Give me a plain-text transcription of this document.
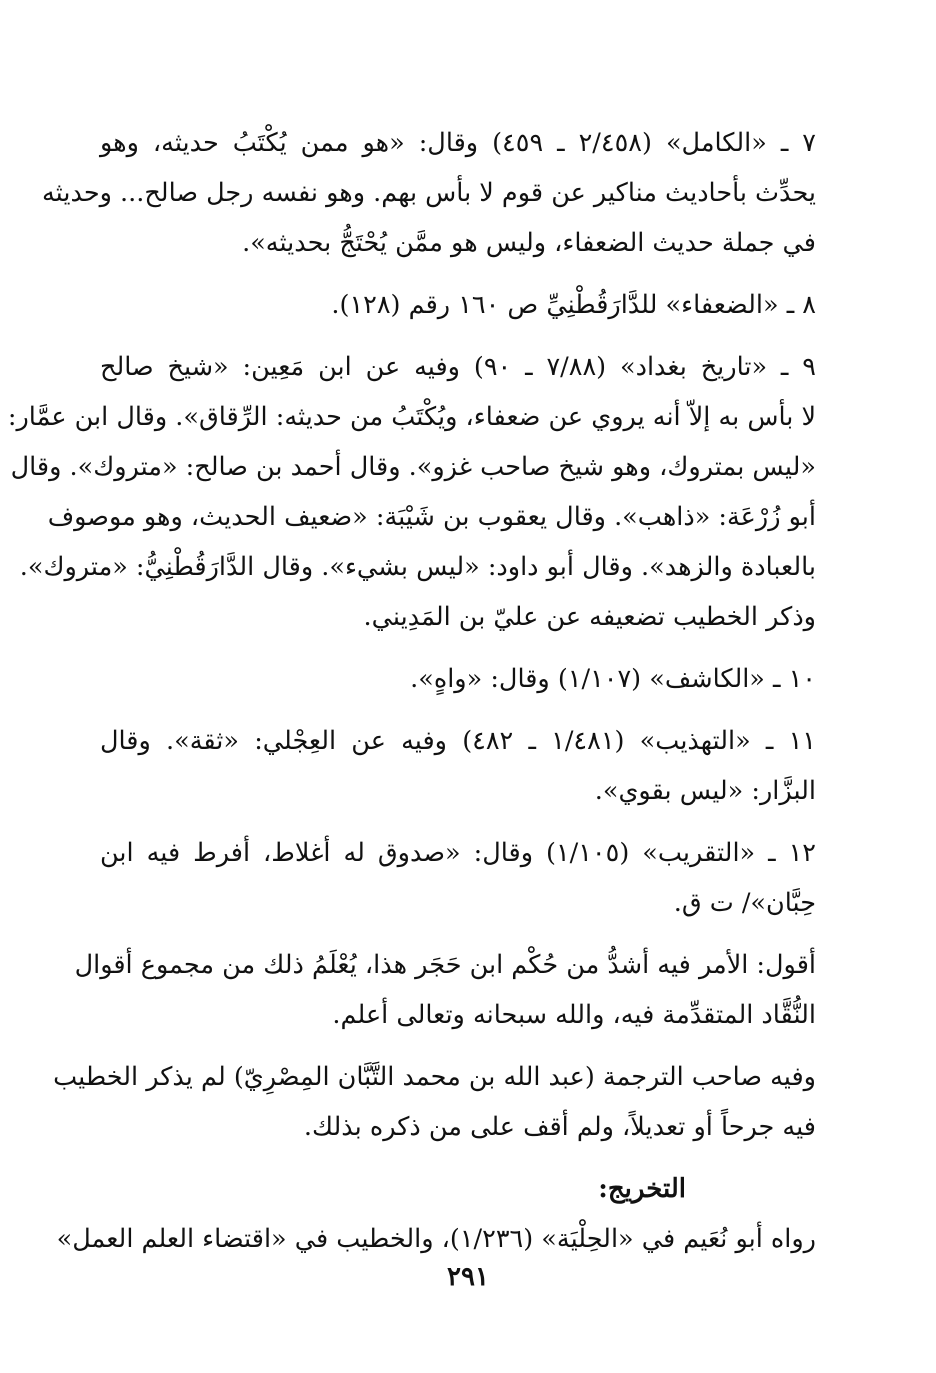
٧ ـ «الكامل» (٢/٤٥٨ ـ ٤٥٩) وقال: «هو ممن يُكْتَبُ حديثه، وهو
يحدِّث بأحاديث مناكير عن قوم لا بأس بهم. وهو نفسه رجل صالح... وحديثه
في جملة حديث الضعفاء، وليس هو ممَّن يُحْتَجُّ بحديثه».
٨ ـ «الضعفاء» للدَّارَقُطْنِيِّ ص ١٦٠ رقم (١٢٨).
٩ ـ «تاريخ بغداد» (٧/٨٨ ـ ٩٠) وفيه عن ابن مَعِين: «شيخ صالح
لا بأس به إلاّ أنه يروي عن ضعفاء، ويُكْتَبُ من حديثه: الرِّقاق». وقال ابن عمَّار:
«ليس بمتروك، وهو شيخ صاحب غزو». وقال أحمد بن صالح: «متروك». وقال
أبو زُرْعَة: «ذاهب». وقال يعقوب بن شَيْبَة: «ضعيف الحديث، وهو موصوف
بالعبادة والزهد». وقال أبو داود: «ليس بشيء». وقال الدَّارَقُطْنِيُّ: «متروك».
وذكر الخطيب تضعيفه عن عليّ بن المَدِيني.
١٠ ـ «الكاشف» (١/١٠٧) وقال: «واهٍ».
١١ ـ «التهذيب» (١/٤٨١ ـ ٤٨٢) وفيه عن العِجْلي: «ثقة». وقال
البزَّار: «ليس بقوي».
١٢ ـ «التقريب» (١/١٠٥) وقال: «صدوق له أغلاط، أفرط فيه ابن
حِبَّان»/ ت ق.
أقول: الأمر فيه أشدُّ من حُكْم ابن حَجَر هذا، يُعْلَمُ ذلك من مجموع أقوال
النُّقَّاد المتقدِّمة فيه، والله سبحانه وتعالى أعلم.
وفيه صاحب الترجمة (عبد الله بن محمد التَّبَّان المِصْرِيّ) لم يذكر الخطيب
فيه جرحاً أو تعديلاً، ولم أقف على من ذكره بذلك.
التخريج:
رواه أبو نُعَيم في «الحِلْيَة» (١/٢٣٦)، والخطيب في «اقتضاء العلم العمل»
٢٩١
